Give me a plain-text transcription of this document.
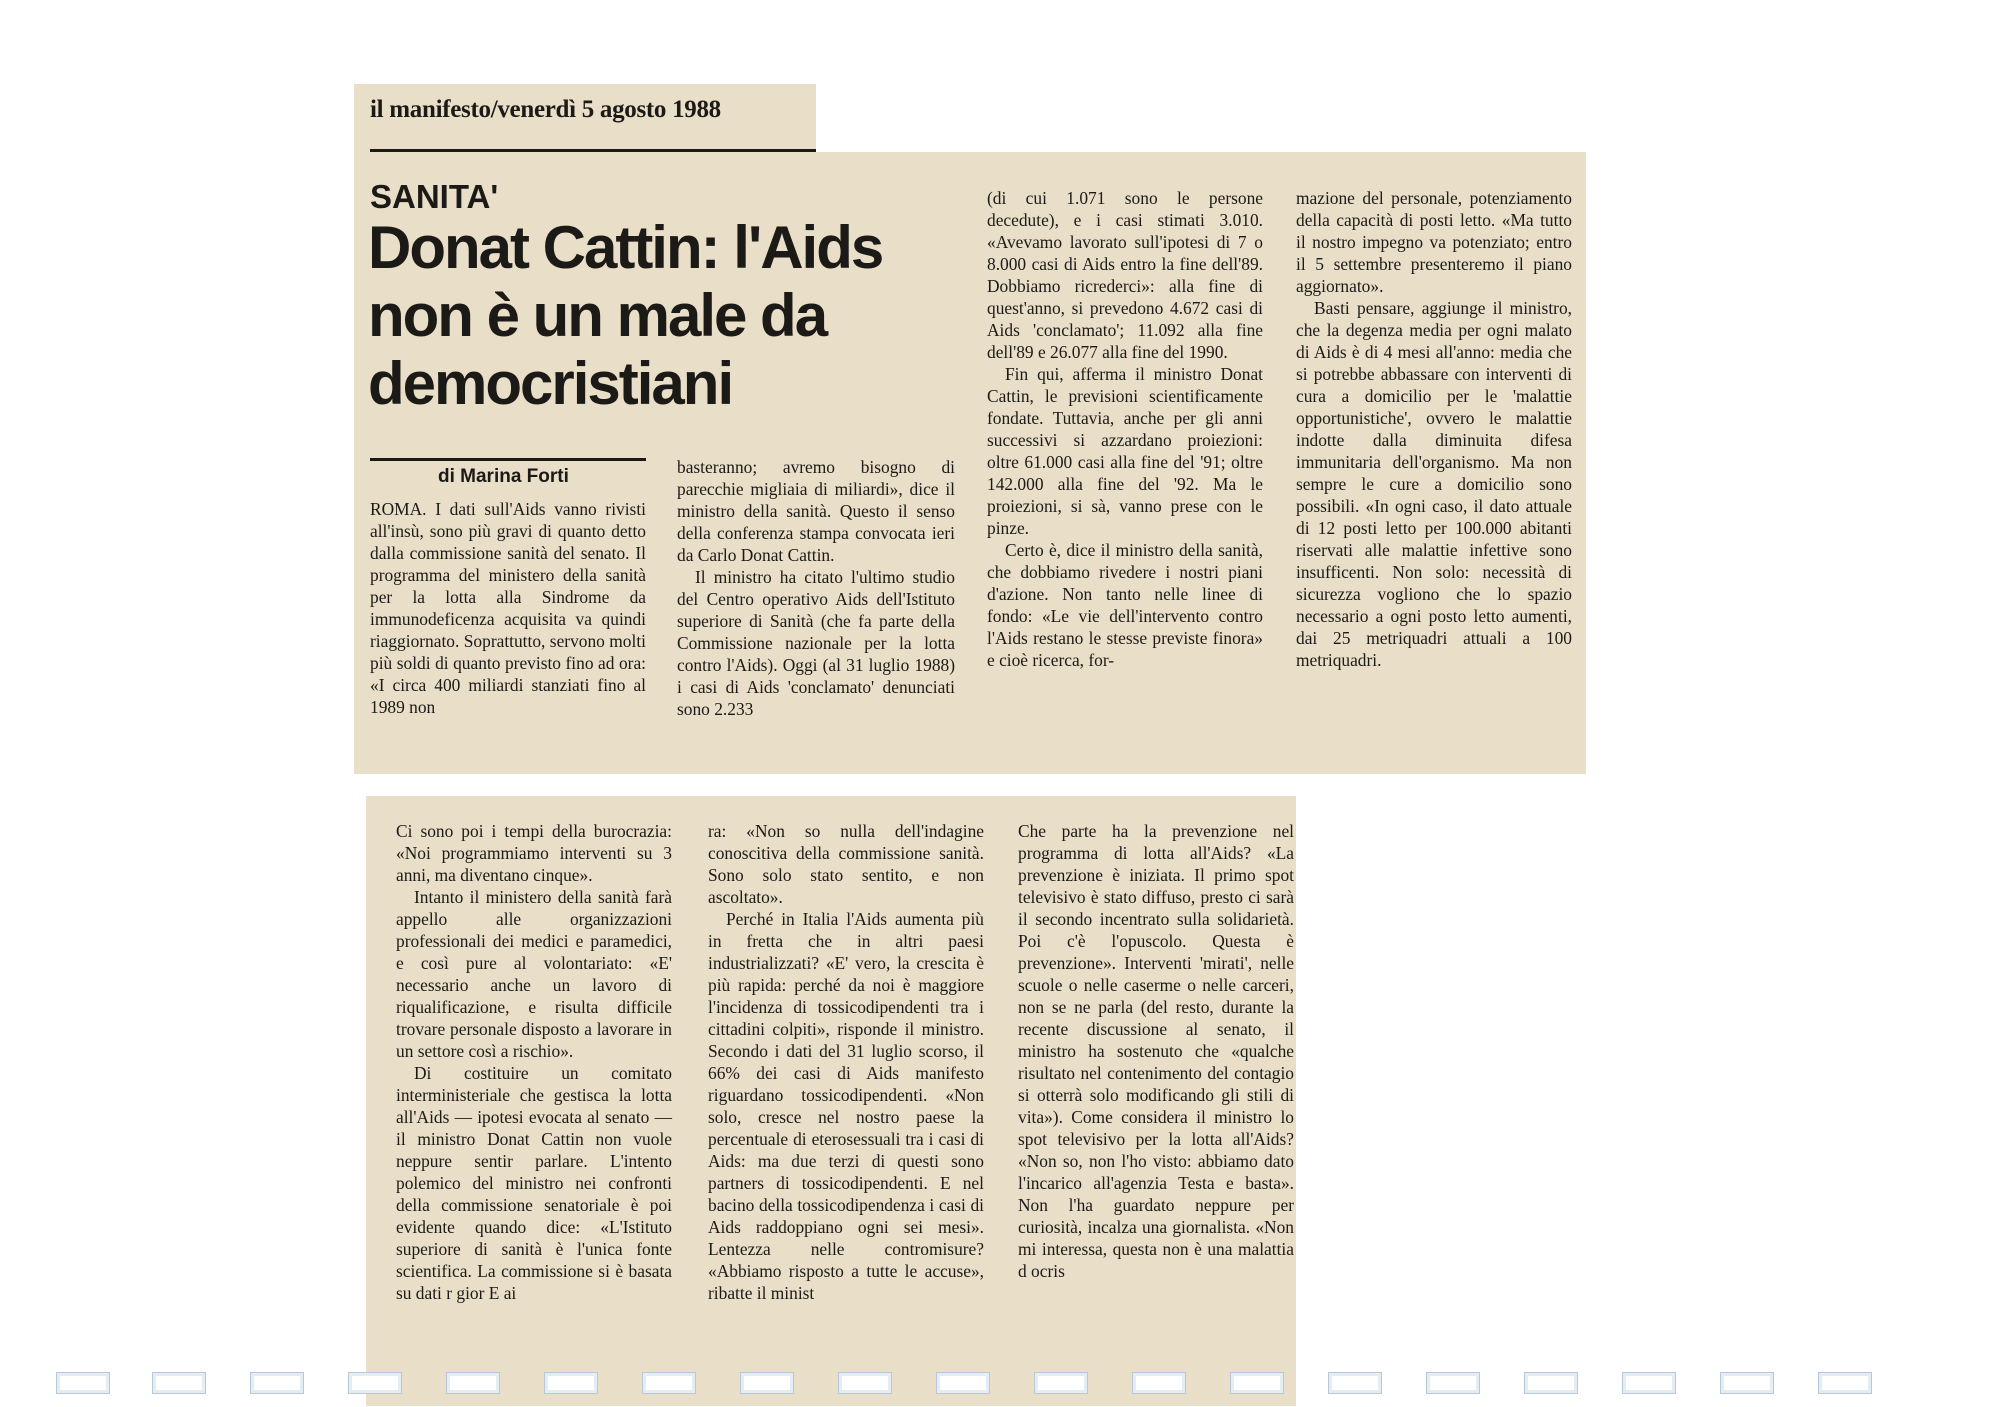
il manifesto/venerdì 5 agosto 1988
SANITA'
Donat Cattin: l'Aids non è un male da democristiani
di Marina Forti

ROMA. I dati sull'Aids vanno rivisti all'insù, sono più gravi di quanto detto dalla commissione sanità del senato. Il programma del ministero della sanità per la lotta alla Sindrome da immunodeficenza acquisita va quindi riaggiornato. Soprattutto, servono molti più soldi di quanto previsto fino ad ora: «I circa 400 miliardi stanziati fino al 1989 non

basteranno; avremo bisogno di parecchie migliaia di miliardi», dice il ministro della sanità. Questo il senso della conferenza stampa convocata ieri da Carlo Donat Cattin.

Il ministro ha citato l'ultimo studio del Centro operativo Aids dell'Istituto superiore di Sanità (che fa parte della Commissione nazionale per la lotta contro l'Aids). Oggi (al 31 luglio 1988) i casi di Aids 'conclamato' denunciati sono 2.233

(di cui 1.071 sono le persone decedute), e i casi stimati 3.010. «Avevamo lavorato sull'ipotesi di 7 o 8.000 casi di Aids entro la fine dell'89. Dobbiamo ricrederci»: alla fine di quest'anno, si prevedono 4.672 casi di Aids 'conclamato'; 11.092 alla fine dell'89 e 26.077 alla fine del 1990.

Fin qui, afferma il ministro Donat Cattin, le previsioni scientificamente fondate. Tuttavia, anche per gli anni successivi si azzardano proiezioni: oltre 61.000 casi alla fine del '91; oltre 142.000 alla fine del '92. Ma le proiezioni, si sà, vanno prese con le pinze.

Certo è, dice il ministro della sanità, che dobbiamo rivedere i nostri piani d'azione. Non tanto nelle linee di fondo: «Le vie dell'intervento contro l'Aids restano le stesse previste finora» e cioè ricerca, for-

mazione del personale, potenziamento della capacità di posti letto. «Ma tutto il nostro impegno va potenziato; entro il 5 settembre presenteremo il piano aggiornato».

Basti pensare, aggiunge il ministro, che la degenza media per ogni malato di Aids è di 4 mesi all'anno: media che si potrebbe abbassare con interventi di cura a domicilio per le 'malattie opportunistiche', ovvero le malattie indotte dalla diminuita difesa immunitaria dell'organismo. Ma non sempre le cure a domicilio sono possibili. «In ogni caso, il dato attuale di 12 posti letto per 100.000 abitanti riservati alle malattie infettive sono insufficenti. Non solo: necessità di sicurezza vogliono che lo spazio necessario a ogni posto letto aumenti, dai 25 metriquadri attuali a 100 metriquadri.

Ci sono poi i tempi della burocrazia: «Noi programmiamo interventi su 3 anni, ma diventano cinque».

Intanto il ministero della sanità farà appello alle organizzazioni professionali dei medici e paramedici, e così pure al volontariato: «E' necessario anche un lavoro di riqualificazione, e risulta difficile trovare personale disposto a lavorare in un settore così a rischio».

Di costituire un comitato interministeriale che gestisca la lotta all'Aids — ipotesi evocata al senato — il ministro Donat Cattin non vuole neppure sentir parlare. L'intento polemico del ministro nei confronti della commissione senatoriale è poi evidente quando dice: «L'Istituto superiore di sanità è l'unica fonte scientifica. La commissione si è basata su dati r gior E ai

ra: «Non so nulla dell'indagine conoscitiva della commissione sanità. Sono solo stato sentito, e non ascoltato».

Perché in Italia l'Aids aumenta più in fretta che in altri paesi industrializzati? «E' vero, la crescita è più rapida: perché da noi è maggiore l'incidenza di tossicodipendenti tra i cittadini colpiti», risponde il ministro. Secondo i dati del 31 luglio scorso, il 66% dei casi di Aids manifesto riguardano tossicodipendenti. «Non solo, cresce nel nostro paese la percentuale di eterosessuali tra i casi di Aids: ma due terzi di questi sono partners di tossicodipendenti. E nel bacino della tossicodipendenza i casi di Aids raddoppiano ogni sei mesi». Lentezza nelle contromisure? «Abbiamo risposto a tutte le accuse», ribatte il minist

Che parte ha la prevenzione nel programma di lotta all'Aids? «La prevenzione è iniziata. Il primo spot televisivo è stato diffuso, presto ci sarà il secondo incentrato sulla solidarietà. Poi c'è l'opuscolo. Questa è prevenzione». Interventi 'mirati', nelle scuole o nelle caserme o nelle carceri, non se ne parla (del resto, durante la recente discussione al senato, il ministro ha sostenuto che «qualche risultato nel contenimento del contagio si otterrà solo modificando gli stili di vita»). Come considera il ministro lo spot televisivo per la lotta all'Aids? «Non so, non l'ho visto: abbiamo dato l'incarico all'agenzia Testa e basta». Non l'ha guardato neppure per curiosità, incalza una giornalista. «Non mi interessa, questa non è una malattia d ocris
